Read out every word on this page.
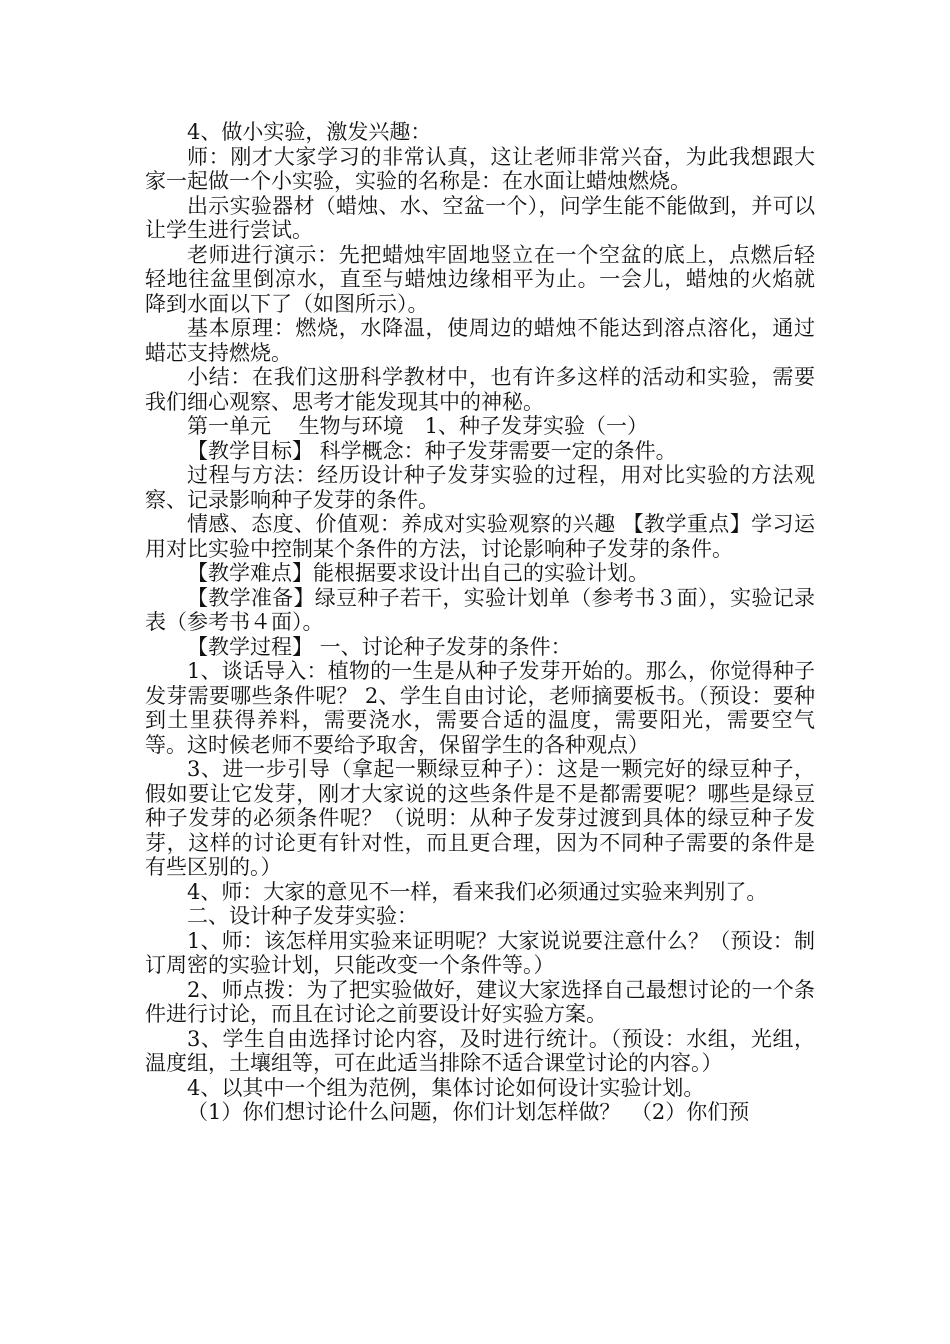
4、做小实验，激发兴趣：

师：刚才大家学习的非常认真，这让老师非常兴奋，为此我想跟大家一起做一个小实验，实验的名称是：在水面让蜡烛燃烧。

出示实验器材（蜡烛、水、空盆一个），问学生能不能做到，并可以让学生进行尝试。

老师进行演示：先把蜡烛牢固地竖立在一个空盆的底上，点燃后轻轻地往盆里倒凉水，直至与蜡烛边缘相平为止。一会儿，蜡烛的火焰就降到水面以下了（如图所示）。

基本原理：燃烧，水降温，使周边的蜡烛不能达到溶点溶化，通过蜡芯支持燃烧。

小结：在我们这册科学教材中，也有许多这样的活动和实验，需要我们细心观察、思考才能发现其中的神秘。

第一单元　 生物与环境　1、种子发芽实验（一）

【教学目标】 科学概念：种子发芽需要一定的条件。

过程与方法：经历设计种子发芽实验的过程，用对比实验的方法观察、记录影响种子发芽的条件。

情感、态度、价值观：养成对实验观察的兴趣 【教学重点】学习运用对比实验中控制某个条件的方法，讨论影响种子发芽的条件。

【教学难点】能根据要求设计出自己的实验计划。

【教学准备】绿豆种子若干，实验计划单（参考书３面），实验记录表（参考书４面）。

【教学过程】 一、讨论种子发芽的条件：

1、谈话导入：植物的一生是从种子发芽开始的。那么，你觉得种子发芽需要哪些条件呢？ 2、学生自由讨论，老师摘要板书。（预设：要种到土里获得养料，需要浇水，需要合适的温度，需要阳光，需要空气等。这时候老师不要给予取舍，保留学生的各种观点）

3、进一步引导（拿起一颗绿豆种子）：这是一颗完好的绿豆种子，假如要让它发芽，刚才大家说的这些条件是不是都需要呢？哪些是绿豆种子发芽的必须条件呢？（说明：从种子发芽过渡到具体的绿豆种子发芽，这样的讨论更有针对性，而且更合理，因为不同种子需要的条件是有些区别的。）

4、师：大家的意见不一样，看来我们必须通过实验来判别了。

二、设计种子发芽实验：

1、师：该怎样用实验来证明呢？大家说说要注意什么？（预设：制订周密的实验计划，只能改变一个条件等。）

2、师点拨：为了把实验做好，建议大家选择自己最想讨论的一个条件进行讨论，而且在讨论之前要设计好实验方案。

3、学生自由选择讨论内容，及时进行统计。（预设：水组，光组，温度组，土壤组等，可在此适当排除不适合课堂讨论的内容。）

4、以其中一个组为范例，集体讨论如何设计实验计划。

（1）你们想讨论什么问题，你们计划怎样做？　（2）你们预
